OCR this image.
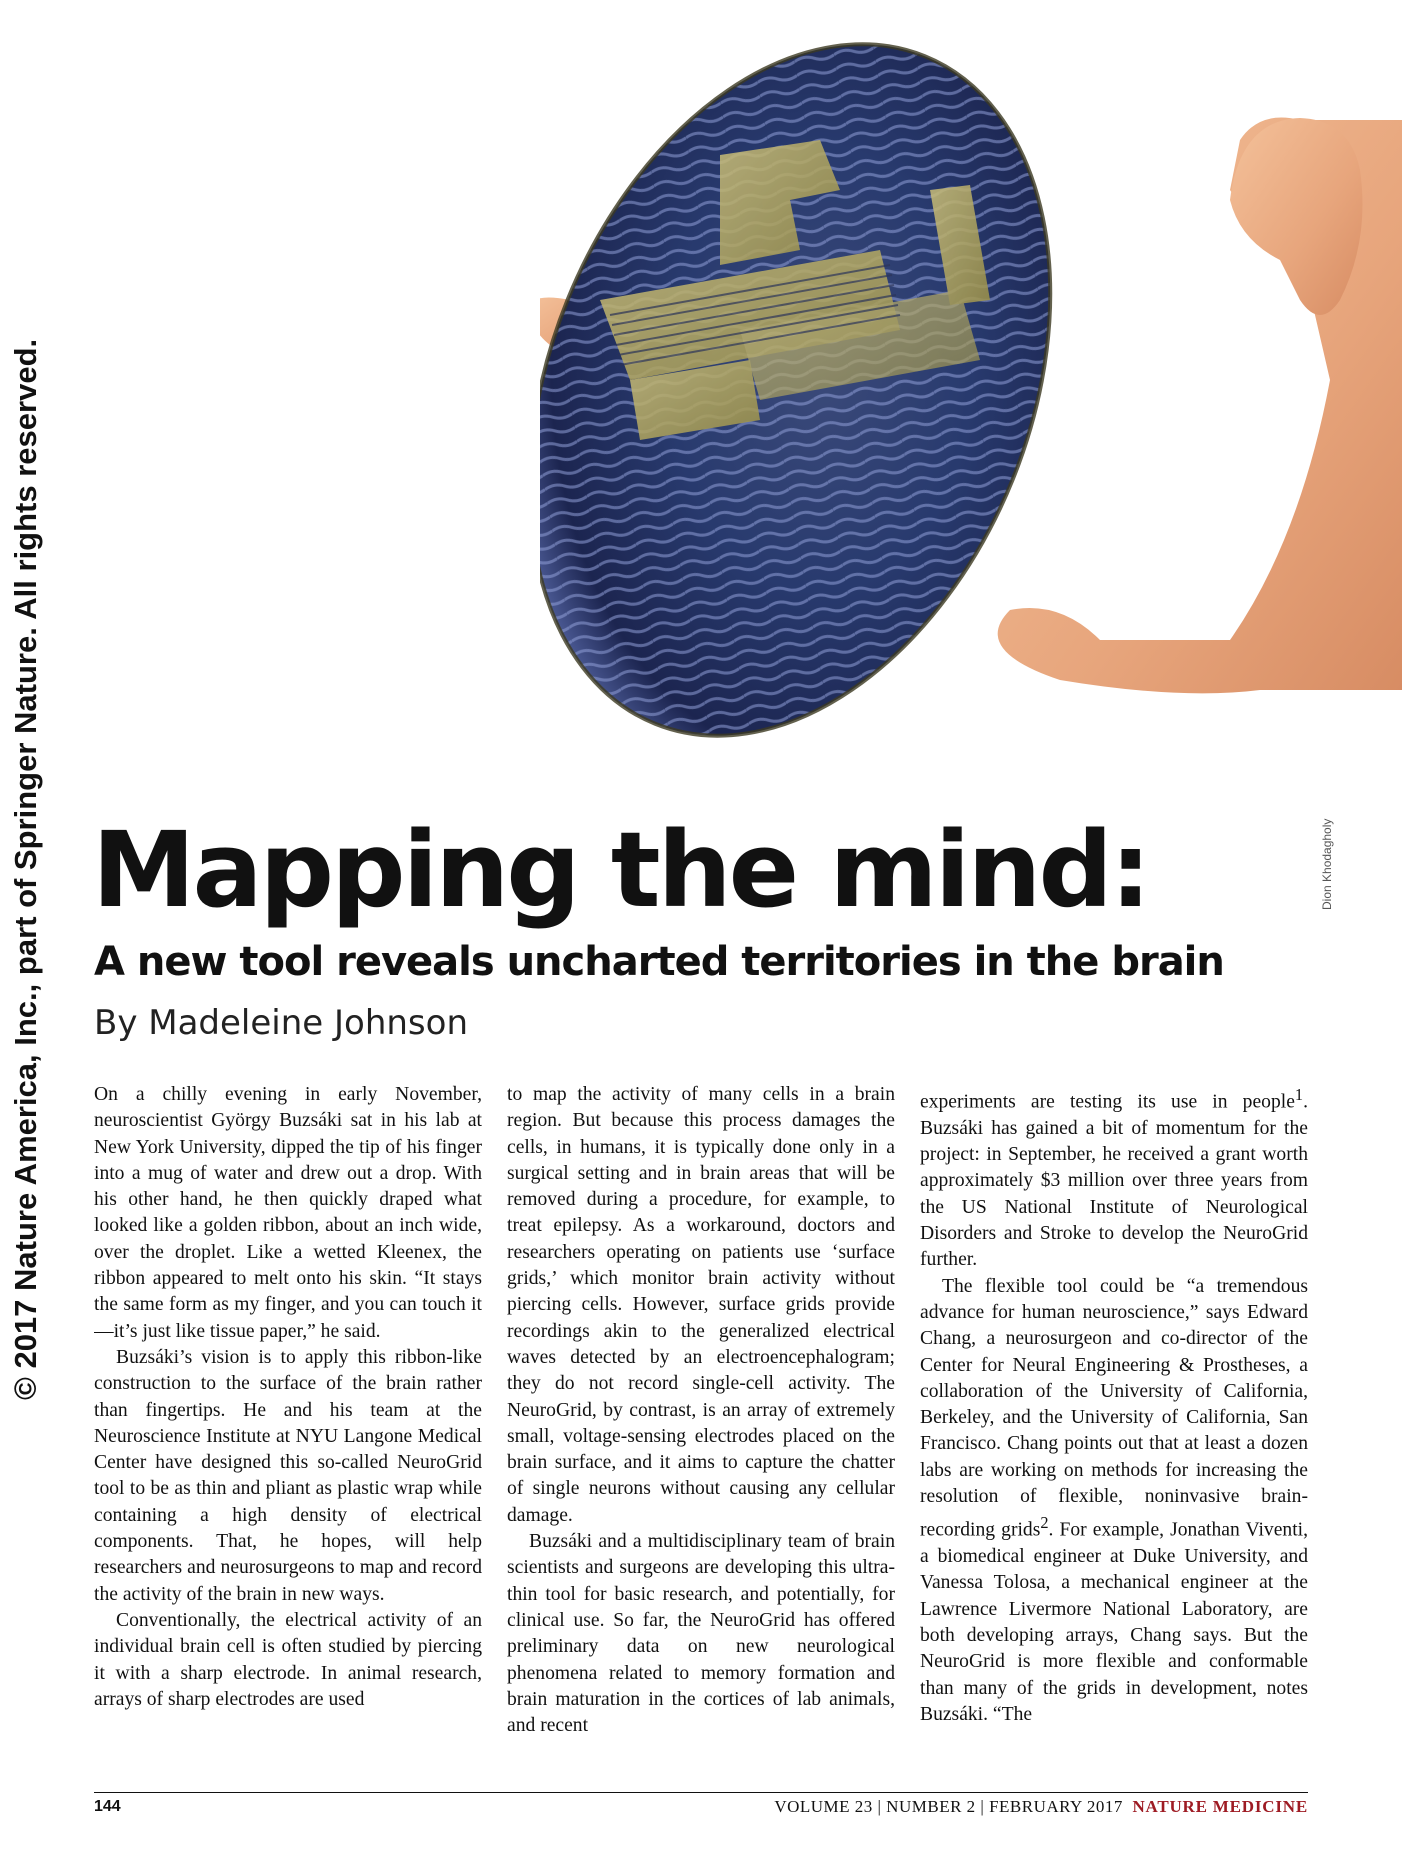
© 2017 Nature America, Inc., part of Springer Nature. All rights reserved.	Dion Khodagholy
Mapping the mind:
A new tool reveals uncharted territories in the brain
By Madeleine Johnson

On a chilly evening in early November, neuroscientist György Buzsáki sat in his lab at New York University, dipped the tip of his finger into a mug of water and drew out a drop. With his other hand, he then quickly draped what looked like a golden ribbon, about an inch wide, over the droplet. Like a wetted Kleenex, the ribbon appeared to melt onto his skin. “It stays the same form as my finger, and you can touch it—it’s just like tissue paper,” he said.

Buzsáki’s vision is to apply this ribbon-like construction to the surface of the brain rather than fingertips. He and his team at the Neuroscience Institute at NYU Langone Medical Center have designed this so-called NeuroGrid tool to be as thin and pliant as plastic wrap while containing a high density of electrical components. That, he hopes, will help researchers and neurosurgeons to map and record the activity of the brain in new ways.

Conventionally, the electrical activity of an individual brain cell is often studied by piercing it with a sharp electrode. In animal research, arrays of sharp electrodes are used

to map the activity of many cells in a brain region. But because this process damages the cells, in humans, it is typically done only in a surgical setting and in brain areas that will be removed during a procedure, for example, to treat epilepsy. As a workaround, doctors and researchers operating on patients use ‘surface grids,’ which monitor brain activity without piercing cells. However, surface grids provide recordings akin to the generalized electrical waves detected by an electroencephalogram; they do not record single-cell activity. The NeuroGrid, by contrast, is an array of extremely small, voltage-sensing electrodes placed on the brain surface, and it aims to capture the chatter of single neurons without causing any cellular damage.

Buzsáki and a multidisciplinary team of brain scientists and surgeons are developing this ultra-thin tool for basic research, and potentially, for clinical use. So far, the NeuroGrid has offered preliminary data on new neurological phenomena related to memory formation and brain maturation in the cortices of lab animals, and recent

experiments are testing its use in people$^1$. Buzsáki has gained a bit of momentum for the project: in September, he received a grant worth approximately $3 million over three years from the US National Institute of Neurological Disorders and Stroke to develop the NeuroGrid further.

The flexible tool could be “a tremendous advance for human neuroscience,” says Edward Chang, a neurosurgeon and co-director of the Center for Neural Engineering & Prostheses, a collaboration of the University of California, Berkeley, and the University of California, San Francisco. Chang points out that at least a dozen labs are working on methods for increasing the resolution of flexible, noninvasive brain-recording grids$^2$. For example, Jonathan Viventi, a biomedical engineer at Duke University, and Vanessa Tolosa, a mechanical engineer at the Lawrence Livermore National Laboratory, are both developing arrays, Chang says. But the NeuroGrid is more flexible and conformable than many of the grids in development, notes Buzsáki. “The

144	VOLUME 23 | NUMBER 2 | FEBRUARY 2017 NATURE MEDICINE
